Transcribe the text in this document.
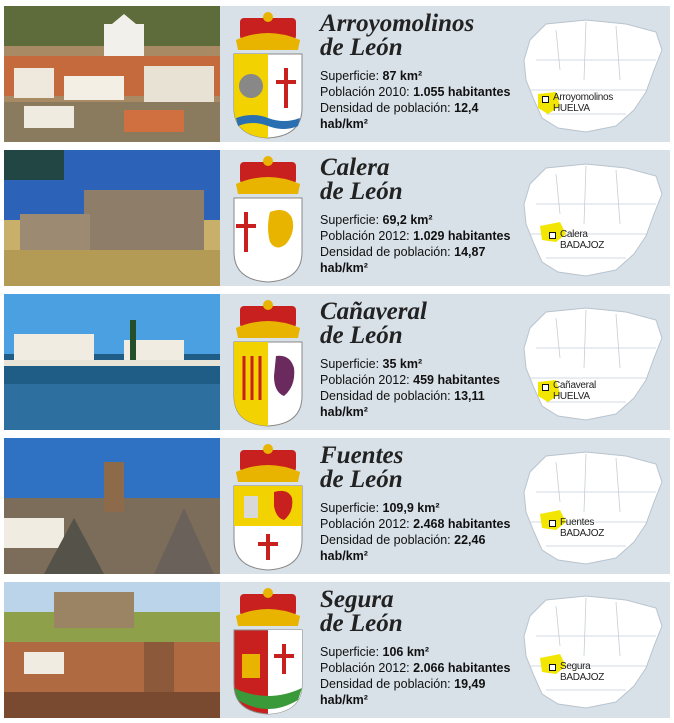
Arroyomolinos
de León
Superficie: 87 km²
Población 2010: 1.055 habitantes
Densidad de población: 12,4
hab/km²
Arroyomolinos
HUELVA
Calera
de León
Superficie: 69,2 km²
Población 2012: 1.029 habitantes
Densidad de población: 14,87
hab/km²
Calera
BADAJOZ
Cañaveral
de León
Superficie: 35 km²
Población 2012: 459 habitantes
Densidad de población: 13,11
hab/km²
Cañaveral
HUELVA
Fuentes
de León
Superficie: 109,9 km²
Población 2012: 2.468 habitantes
Densidad de población: 22,46
hab/km²
Fuentes
BADAJOZ
Segura
de León
Superficie: 106 km²
Población 2012: 2.066 habitantes
Densidad de población: 19,49
hab/km²
Segura
BADAJOZ
